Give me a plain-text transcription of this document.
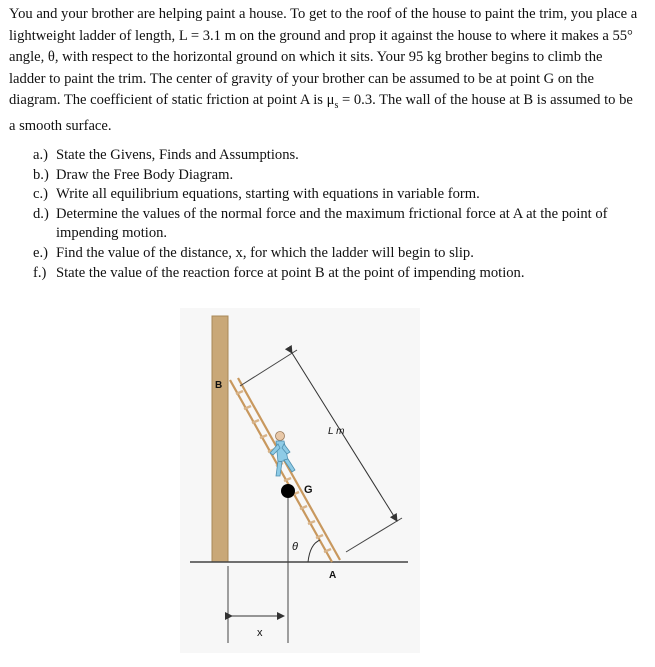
You and your brother are helping paint a house. To get to the roof of the house to paint the trim, you place a lightweight ladder of length, L = 3.1 m on the ground and prop it against the house to where it makes a 55° angle, θ, with respect to the horizontal ground on which it sits. Your 95 kg brother begins to climb the ladder to paint the trim. The center of gravity of your brother can be assumed to be at point G on the diagram. The coefficient of static friction at point A is $\mu_s = 0.3$. The wall of the house at B is assumed to be a smooth surface.

a.) State the Givens, Finds and Assumptions.
b.) Draw the Free Body Diagram.
c.) Write all equilibrium equations, starting with equations in variable form.
d.) Determine the values of the normal force and the maximum frictional force at A at the point of impending motion.
e.) Find the value of the distance, x, for which the ladder will begin to slip.
f.) State the value of the reaction force at point B at the point of impending motion.
G
x
L m
θ
B
A
